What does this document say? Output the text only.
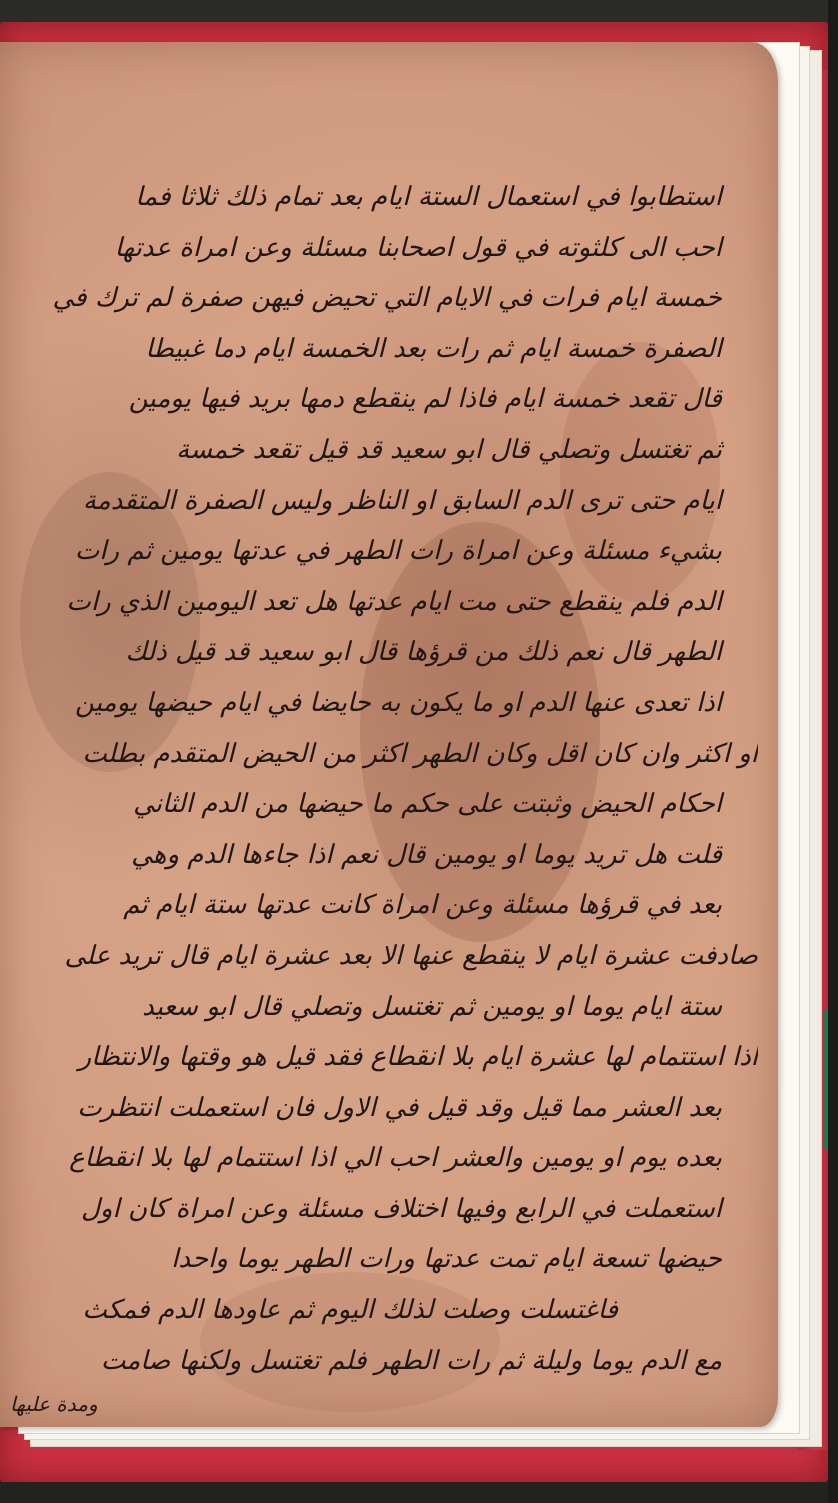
استطابوا في استعمال الستة ايام بعد تمام ذلك ثلاثا فما
احب الى كلثوته في قول اصحابنا مسئلة وعن امراة عدتها
خمسة ايام فرات في الايام التي تحيض فيهن صفرة لم ترك في
الصفرة خمسة ايام ثم رات بعد الخمسة ايام دما غبيطا
قال تقعد خمسة ايام فاذا لم ينقطع دمها بريد فيها يومين
ثم تغتسل وتصلي قال ابو سعيد قد قيل تقعد خمسة
ايام حتى ترى الدم السابق او الناظر وليس الصفرة المتقدمة
بشيء مسئلة وعن امراة رات الطهر في عدتها يومين ثم رات
الدم فلم ينقطع حتى مت ايام عدتها هل تعد اليومين الذي رات
الطهر قال نعم ذلك من قرؤها قال ابو سعيد قد قيل ذلك
اذا تعدى عنها الدم او ما يكون به حايضا في ايام حيضها يومين
او اكثر وان كان اقل وكان الطهر اكثر من الحيض المتقدم بطلت
احكام الحيض وثبتت على حكم ما حيضها من الدم الثاني
قلت هل تريد يوما او يومين قال نعم اذا جاءها الدم وهي
بعد في قرؤها مسئلة وعن امراة كانت عدتها ستة ايام ثم
صادفت عشرة ايام لا ينقطع عنها الا بعد عشرة ايام قال تريد على
ستة ايام يوما او يومين ثم تغتسل وتصلي قال ابو سعيد
اذا استتمام لها عشرة ايام بلا انقطاع فقد قيل هو وقتها والانتظار
بعد العشر مما قيل وقد قيل في الاول فان استعملت انتظرت
بعده يوم او يومين والعشر احب الي اذا استتمام لها بلا انقطاع
استعملت في الرابع وفيها اختلاف مسئلة وعن امراة كان اول
حيضها تسعة ايام تمت عدتها ورات الطهر يوما واحدا
فاغتسلت وصلت لذلك اليوم ثم عاودها الدم فمكث
مع الدم يوما وليلة ثم رات الطهر فلم تغتسل ولكنها صامت
ومدة عليها
